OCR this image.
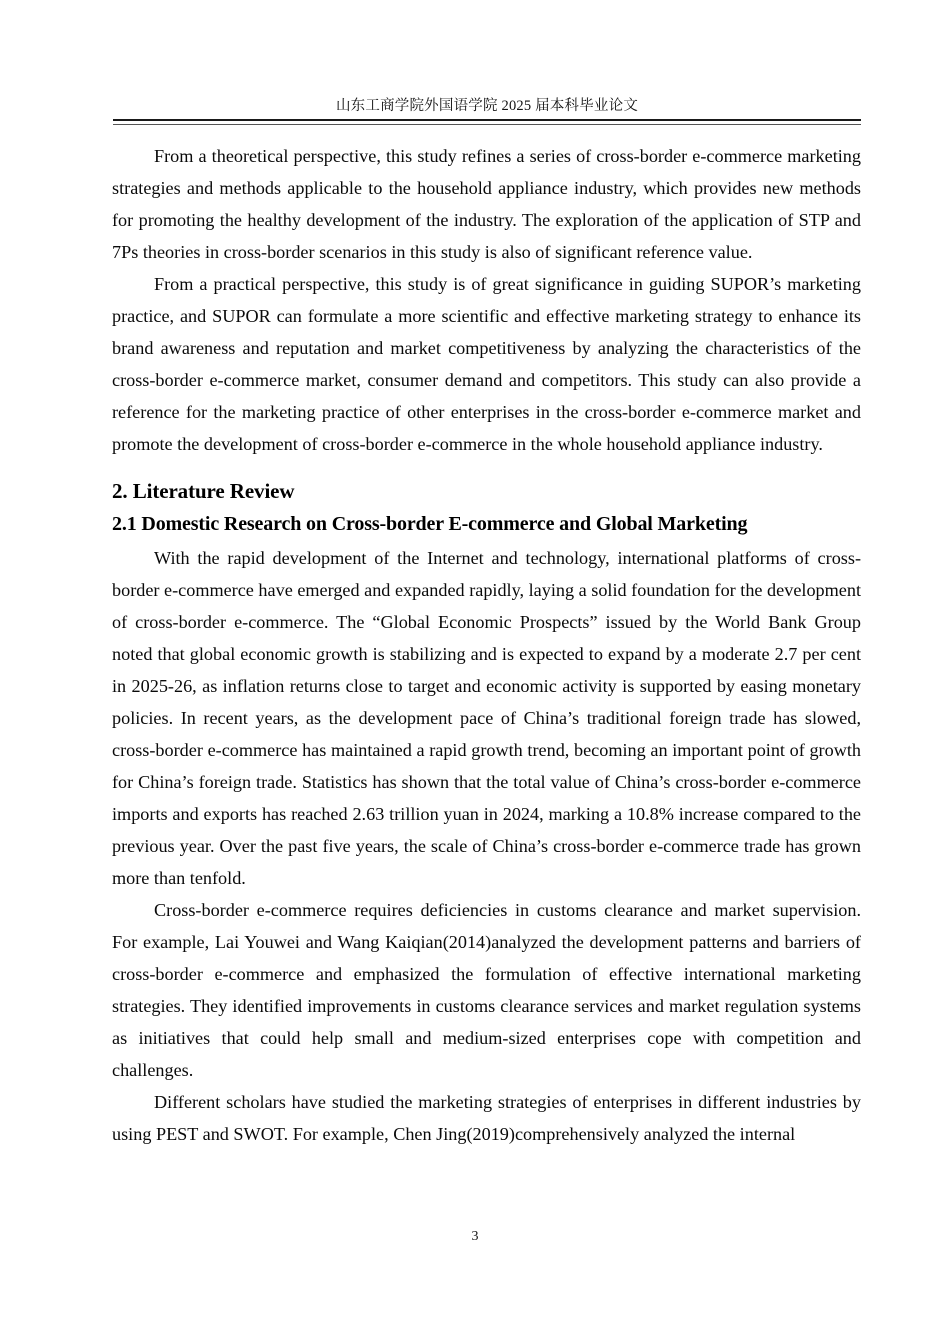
山东工商学院外国语学院 2025 届本科毕业论文

From a theoretical perspective, this study refines a series of cross-border e-commerce marketing strategies and methods applicable to the household appliance industry, which provides new methods for promoting the healthy development of the industry. The exploration of the application of STP and 7Ps theories in cross-border scenarios in this study is also of significant reference value.

From a practical perspective, this study is of great significance in guiding SUPOR’s marketing practice, and SUPOR can formulate a more scientific and effective marketing strategy to enhance its brand awareness and reputation and market competitiveness by analyzing the characteristics of the cross-border e-commerce market, consumer demand and competitors. This study can also provide a reference for the marketing practice of other enterprises in the cross-border e-commerce market and promote the development of cross-border e-commerce in the whole household appliance industry.

2. Literature Review
2.1 Domestic Research on Cross-border E-commerce and Global Marketing

With the rapid development of the Internet and technology, international platforms of cross-border e-commerce have emerged and expanded rapidly, laying a solid foundation for the development of cross-border e-commerce. The “Global Economic Prospects” issued by the World Bank Group noted that global economic growth is stabilizing and is expected to expand by a moderate 2.7 per cent in 2025-26, as inflation returns close to target and economic activity is supported by easing monetary policies. In recent years, as the development pace of China’s traditional foreign trade has slowed, cross-border e-commerce has maintained a rapid growth trend, becoming an important point of growth for China’s foreign trade. Statistics has shown that the total value of China’s cross-border e-commerce imports and exports has reached 2.63 trillion yuan in 2024, marking a 10.8% increase compared to the previous year. Over the past five years, the scale of China’s cross-border e-commerce trade has grown more than tenfold.

Cross-border e-commerce requires deficiencies in customs clearance and market supervision. For example, Lai Youwei and Wang Kaiqian(2014)analyzed the development patterns and barriers of cross-border e-commerce and emphasized the formulation of effective international marketing strategies. They identified improvements in customs clearance services and market regulation systems as initiatives that could help small and medium-sized enterprises cope with competition and challenges.

Different scholars have studied the marketing strategies of enterprises in different industries by using PEST and SWOT. For example, Chen Jing(2019)comprehensively analyzed the internal

3
